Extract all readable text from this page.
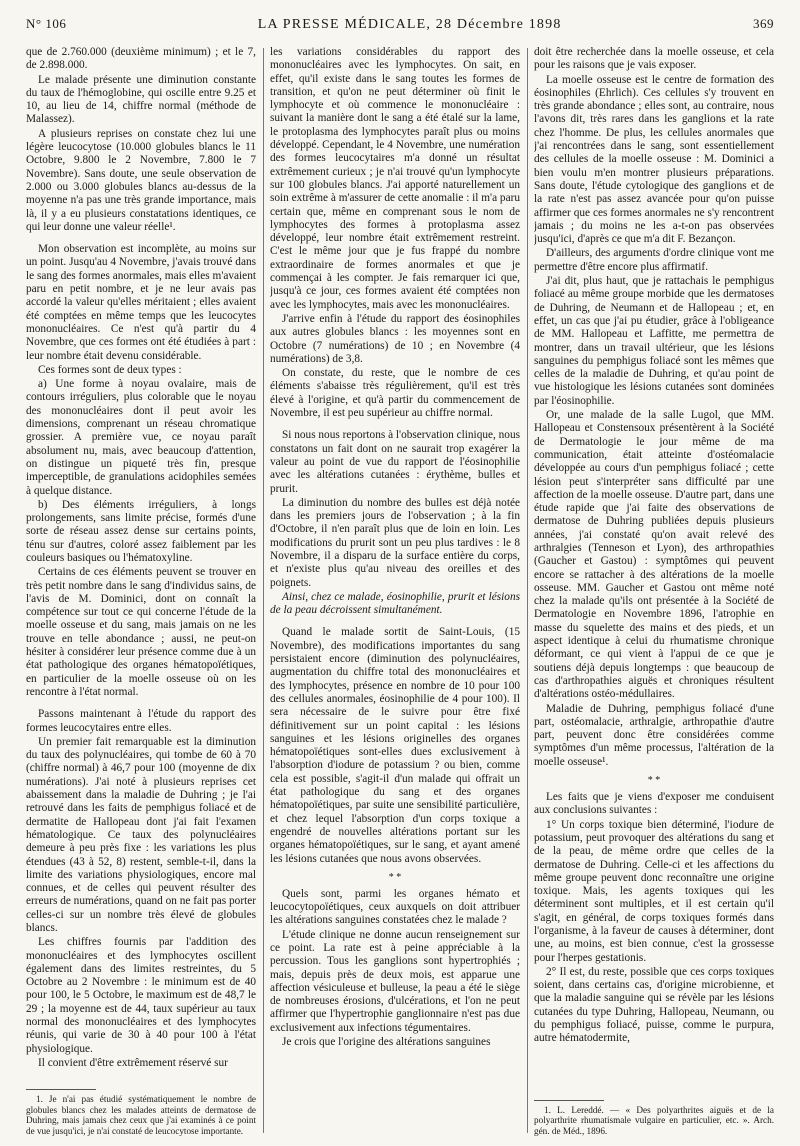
N° 106	LA PRESSE MÉDICALE, 28 Décembre 1898	369

que de 2.760.000 (deuxième minimum) ; et le 7, de 2.898.000.

Le malade présente une diminution constante du taux de l'hémoglobine, qui oscille entre 9.25 et 10, au lieu de 14, chiffre normal (méthode de Malassez).

A plusieurs reprises on constate chez lui une légère leucocytose (10.000 globules blancs le 11 Octobre, 9.800 le 2 Novembre, 7.800 le 7 Novembre). Sans doute, une seule observation de 2.000 ou 3.000 globules blancs au-dessus de la moyenne n'a pas une très grande importance, mais là, il y a eu plusieurs constatations identiques, ce qui leur donne une valeur réelle¹.

Mon observation est incomplète, au moins sur un point. Jusqu'au 4 Novembre, j'avais trouvé dans le sang des formes anormales, mais elles m'avaient paru en petit nombre, et je ne leur avais pas accordé la valeur qu'elles méritaient ; elles avaient été comptées en même temps que les leucocytes mononucléaires. Ce n'est qu'à partir du 4 Novembre, que ces formes ont été étudiées à part : leur nombre était devenu considérable.

Ces formes sont de deux types :

a) Une forme à noyau ovalaire, mais de contours irréguliers, plus colorable que le noyau des mononucléaires dont il peut avoir les dimensions, comprenant un réseau chromatique grossier. A première vue, ce noyau paraît absolument nu, mais, avec beaucoup d'attention, on distingue un piqueté très fin, presque imperceptible, de granulations acidophiles semées à quelque distance.

b) Des éléments irréguliers, à longs prolongements, sans limite précise, formés d'une sorte de réseau assez dense sur certains points, ténu sur d'autres, coloré assez faiblement par les couleurs basiques ou l'hématoxyline.

Certains de ces éléments peuvent se trouver en très petit nombre dans le sang d'individus sains, de l'avis de M. Dominici, dont on connaît la compétence sur tout ce qui concerne l'étude de la moelle osseuse et du sang, mais jamais on ne les trouve en telle abondance ; aussi, ne peut-on hésiter à considérer leur présence comme due à un état pathologique des organes hématopoïétiques, en particulier de la moelle osseuse où on les rencontre à l'état normal.

Passons maintenant à l'étude du rapport des formes leucocytaires entre elles.

Un premier fait remarquable est la diminution du taux des polynucléaires, qui tombe de 60 à 70 (chiffre normal) à 46,7 pour 100 (moyenne de dix numérations). J'ai noté à plusieurs reprises cet abaissement dans la maladie de Duhring ; je l'ai retrouvé dans les faits de pemphigus foliacé et de dermatite de Hallopeau dont j'ai fait l'examen hématologique. Ce taux des polynucléaires demeure à peu près fixe : les variations les plus étendues (43 à 52, 8) restent, semble-t-il, dans la limite des variations physiologiques, encore mal connues, et de celles qui peuvent résulter des erreurs de numérations, quand on ne fait pas porter celles-ci sur un nombre très élevé de globules blancs.

Les chiffres fournis par l'addition des mononucléaires et des lymphocytes oscillent également dans des limites restreintes, du 5 Octobre au 2 Novembre : le minimum est de 40 pour 100, le 5 Octobre, le maximum est de 48,7 le 29 ; la moyenne est de 44, taux supérieur au taux normal des mononucléaires et des lymphocytes réunis, qui varie de 30 à 40 pour 100 à l'état physiologique.

Il convient d'être extrêmement réservé sur

1. Je n'ai pas étudié systématiquement le nombre de globules blancs chez les malades atteints de dermatose de Duhring, mais jamais chez ceux que j'ai examinés à ce point de vue jusqu'ici, je n'ai constaté de leucocytose importante.

les variations considérables du rapport des mononucléaires avec les lymphocytes. On sait, en effet, qu'il existe dans le sang toutes les formes de transition, et qu'on ne peut déterminer où finit le lymphocyte et où commence le mononucléaire : suivant la manière dont le sang a été étalé sur la lame, le protoplasma des lymphocytes paraît plus ou moins développé. Cependant, le 4 Novembre, une numération des formes leucocytaires m'a donné un résultat extrêmement curieux ; je n'ai trouvé qu'un lymphocyte sur 100 globules blancs. J'ai apporté naturellement un soin extrême à m'assurer de cette anomalie : il m'a paru certain que, même en comprenant sous le nom de lymphocytes des formes à protoplasma assez développé, leur nombre était extrêmement restreint. C'est le même jour que je fus frappé du nombre extraordinaire de formes anormales et que je commençai à les compter. Je fais remarquer ici que, jusqu'à ce jour, ces formes avaient été comptées non avec les lymphocytes, mais avec les mononucléaires.

J'arrive enfin à l'étude du rapport des éosinophiles aux autres globules blancs : les moyennes sont en Octobre (7 numérations) de 10 ; en Novembre (4 numérations) de 3,8.

On constate, du reste, que le nombre de ces éléments s'abaisse très régulièrement, qu'il est très élevé à l'origine, et qu'à partir du commencement de Novembre, il est peu supérieur au chiffre normal.

Si nous nous reportons à l'observation clinique, nous constatons un fait dont on ne saurait trop exagérer la valeur au point de vue du rapport de l'éosinophilie avec les altérations cutanées : érythème, bulles et prurit.

La diminution du nombre des bulles est déjà notée dans les premiers jours de l'observation ; à la fin d'Octobre, il n'en paraît plus que de loin en loin. Les modifications du prurit sont un peu plus tardives : le 8 Novembre, il a disparu de la surface entière du corps, et n'existe plus qu'au niveau des oreilles et des poignets.

Ainsi, chez ce malade, éosinophilie, prurit et lésions de la peau décroissent simultanément.

Quand le malade sortit de Saint-Louis, (15 Novembre), des modifications importantes du sang persistaient encore (diminution des polynucléaires, augmentation du chiffre total des mononucléaires et des lymphocytes, présence en nombre de 10 pour 100 des cellules anormales, éosinophilie de 4 pour 100). Il sera nécessaire de le suivre pour être fixé définitivement sur un point capital : les lésions sanguines et les lésions originelles des organes hématopoïétiques sont-elles dues exclusivement à l'absorption d'iodure de potassium ? ou bien, comme cela est possible, s'agit-il d'un malade qui offrait un état pathologique du sang et des organes hématopoïétiques, par suite une sensibilité particulière, et chez lequel l'absorption d'un corps toxique a engendré de nouvelles altérations portant sur les organes hématopoïétiques, sur le sang, et ayant amené les lésions cutanées que nous avons observées.

* *

Quels sont, parmi les organes hémato et leucocytopoïétiques, ceux auxquels on doit attribuer les altérations sanguines constatées chez le malade ?

L'étude clinique ne donne aucun renseignement sur ce point. La rate est à peine appréciable à la percussion. Tous les ganglions sont hypertrophiés ; mais, depuis près de deux mois, est apparue une affection vésiculeuse et bulleuse, la peau a été le siège de nombreuses érosions, d'ulcérations, et l'on ne peut affirmer que l'hypertrophie ganglionnaire n'est pas due exclusivement aux infections tégumentaires.

Je crois que l'origine des altérations sanguines

doit être recherchée dans la moelle osseuse, et cela pour les raisons que je vais exposer.

La moelle osseuse est le centre de formation des éosinophiles (Ehrlich). Ces cellules s'y trouvent en très grande abondance ; elles sont, au contraire, nous l'avons dit, très rares dans les ganglions et la rate chez l'homme. De plus, les cellules anormales que j'ai rencontrées dans le sang, sont essentiellement des cellules de la moelle osseuse : M. Dominici a bien voulu m'en montrer plusieurs préparations. Sans doute, l'étude cytologique des ganglions et de la rate n'est pas assez avancée pour qu'on puisse affirmer que ces formes anormales ne s'y rencontrent jamais ; du moins ne les a-t-on pas observées jusqu'ici, d'après ce que m'a dit F. Bezançon.

D'ailleurs, des arguments d'ordre clinique vont me permettre d'être encore plus affirmatif.

J'ai dit, plus haut, que je rattachais le pemphigus foliacé au même groupe morbide que les dermatoses de Duhring, de Neumann et de Hallopeau ; et, en effet, un cas que j'ai pu étudier, grâce à l'obligeance de MM. Hallopeau et Laffitte, me permettra de montrer, dans un travail ultérieur, que les lésions sanguines du pemphigus foliacé sont les mêmes que celles de la maladie de Duhring, et qu'au point de vue histologique les lésions cutanées sont dominées par l'éosinophilie.

Or, une malade de la salle Lugol, que MM. Hallopeau et Constensoux présentèrent à la Société de Dermatologie le jour même de ma communication, était atteinte d'ostéomalacie développée au cours d'un pemphigus foliacé ; cette lésion peut s'interpréter sans difficulté par une affection de la moelle osseuse. D'autre part, dans une étude rapide que j'ai faite des observations de dermatose de Duhring publiées depuis plusieurs années, j'ai constaté qu'on avait relevé des arthralgies (Tenneson et Lyon), des arthropathies (Gaucher et Gastou) : symptômes qui peuvent encore se rattacher à des altérations de la moelle osseuse. MM. Gaucher et Gastou ont même noté chez la malade qu'ils ont présentée à la Société de Dermatologie en Novembre 1896, l'atrophie en masse du squelette des mains et des pieds, et un aspect identique à celui du rhumatisme chronique déformant, ce qui vient à l'appui de ce que je soutiens déjà depuis longtemps : que beaucoup de cas d'arthropathies aiguës et chroniques résultent d'altérations ostéo-médullaires.

Maladie de Duhring, pemphigus foliacé d'une part, ostéomalacie, arthralgie, arthropathie d'autre part, peuvent donc être considérées comme symptômes d'un même processus, l'altération de la moelle osseuse¹.

* *

Les faits que je viens d'exposer me conduisent aux conclusions suivantes :

1° Un corps toxique bien déterminé, l'iodure de potassium, peut provoquer des altérations du sang et de la peau, de même ordre que celles de la dermatose de Duhring. Celle-ci et les affections du même groupe peuvent donc reconnaître une origine toxique. Mais, les agents toxiques qui les déterminent sont multiples, et il est certain qu'il s'agit, en général, de corps toxiques formés dans l'organisme, à la faveur de causes à déterminer, dont une, au moins, est bien connue, c'est la grossesse pour l'herpes gestationis.

2° Il est, du reste, possible que ces corps toxiques soient, dans certains cas, d'origine microbienne, et que la maladie sanguine qui se révèle par les lésions cutanées du type Duhring, Hallopeau, Neumann, ou du pemphigus foliacé, puisse, comme le purpura, autre hématodermite,

1. L. Lereddé. — « Des polyarthrites aiguës et de la polyarthrite rhumatismale vulgaire en particulier, etc. ». Arch. gén. de Méd., 1896.
